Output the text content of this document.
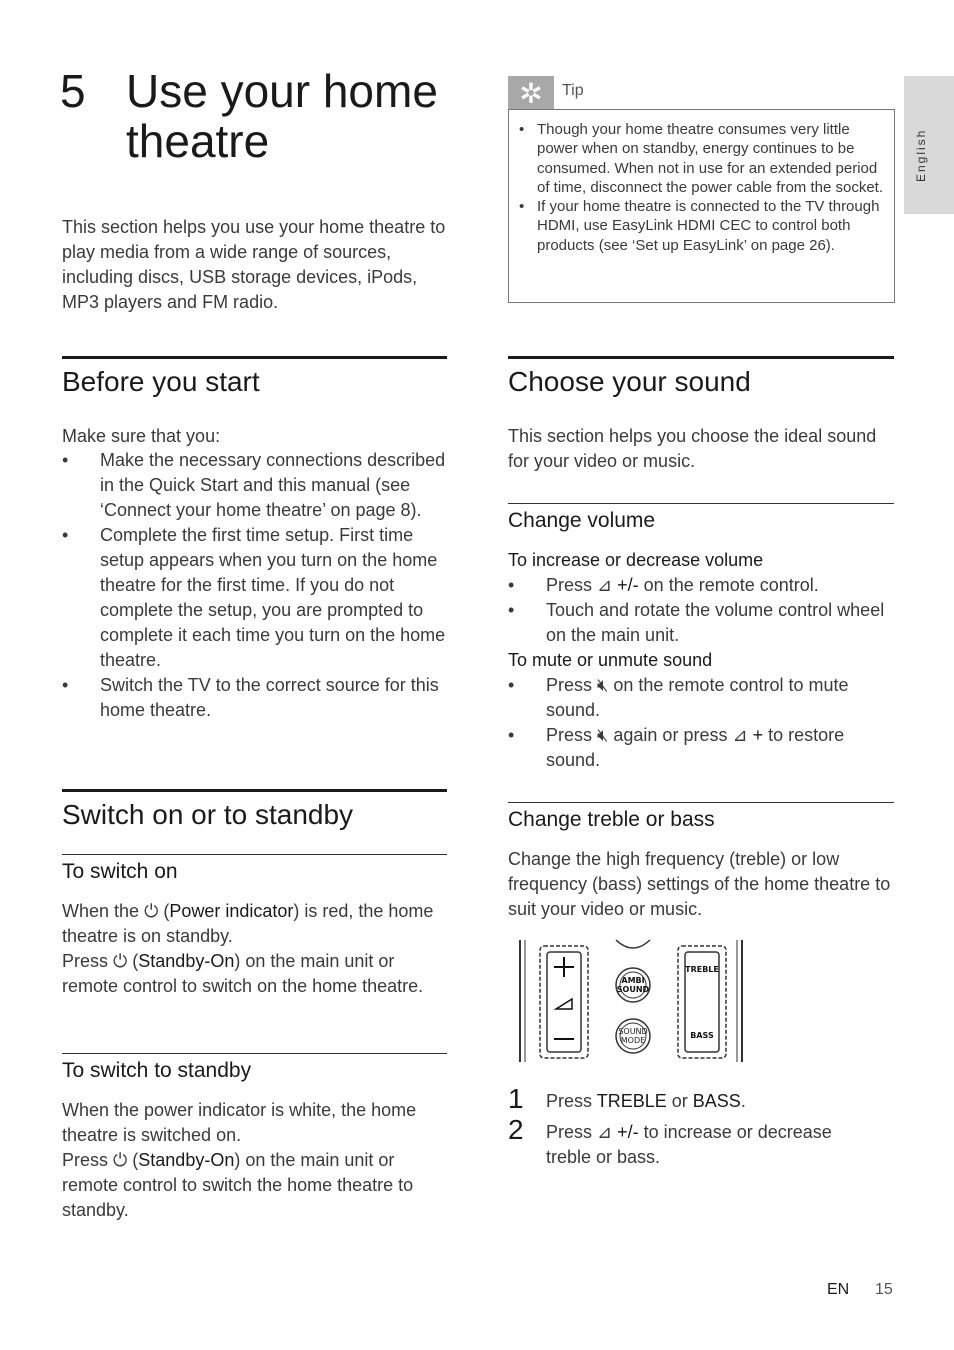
5 Use your home theatre
This section helps you use your home theatre to play media from a wide range of sources, including discs, USB storage devices, iPods, MP3 players and FM radio.
✲	Tip
• Though your home theatre consumes very little power when on standby, energy continues to be consumed. When not in use for an extended period of time, disconnect the power cable from the socket.
• If your home theatre is connected to the TV through HDMI, use EasyLink HDMI CEC to control both products (see ‘Set up EasyLink’ on page 26).
English
Before you start
Make sure that you:
•	Make the necessary connections described in the Quick Start and this manual (see ‘Connect your home theatre’ on page 8).
•	Complete the first time setup. First time setup appears when you turn on the home theatre for the first time. If you do not complete the setup, you are prompted to complete it each time you turn on the home theatre.
•	Switch the TV to the correct source for this home theatre.
Switch on or to standby
To switch on
When the ⏻ (Power indicator) is red, the home theatre is on standby.
Press ⏻ (Standby-On) on the main unit or remote control to switch on the home theatre.
To switch to standby
When the power indicator is white, the home theatre is switched on.
Press ⏻ (Standby-On) on the main unit or remote control to switch the home theatre to standby.
Choose your sound
This section helps you choose the ideal sound for your video or music.
Change volume
To increase or decrease volume
•	Press ⊿ +/- on the remote control.
•	Touch and rotate the volume control wheel on the main unit.
To mute or unmute sound
•	Press 🔇︎ on the remote control to mute sound.
•	Press 🔇︎ again or press ⊿ + to restore sound.
Change treble or bass
Change the high frequency (treble) or low frequency (bass) settings of the home theatre to suit your video or music.
AMBI
SOUND
SOUND
MODE
TREBLE
BASS
1 Press TREBLE or BASS.
2 Press ⊿ +/- to increase or decrease treble or bass.
EN 15
